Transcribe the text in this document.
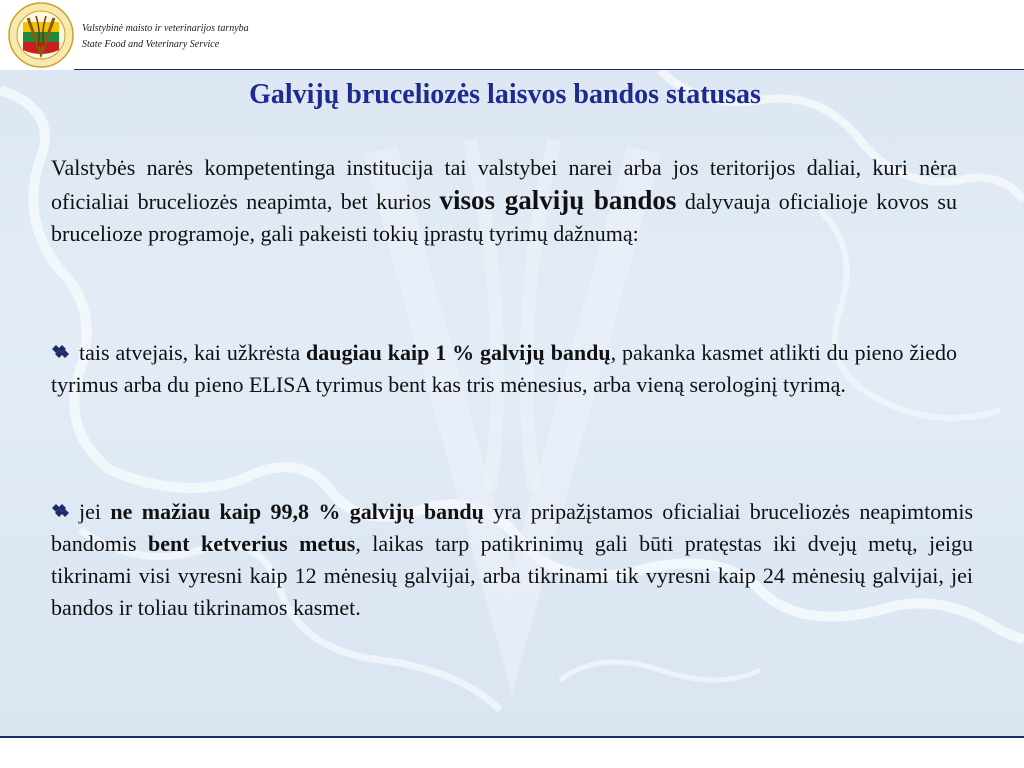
Valstybinė maisto ir veterinarijos tarnyba
State Food and Veterinary Service
Galvijų bruceliozės laisvos bandos statusas
Valstybės narės kompetentinga institucija tai valstybei narei arba jos teritorijos daliai, kuri nėra oficialiai bruceliozės neapimta, bet kurios visos galvijų bandos dalyvauja oficialioje kovos su bruceliozе programoje, gali pakeisti tokių įprastų tyrimų dažnumą:
tais atvejais, kai užkrėsta daugiau kaip 1 % galvijų bandų, pakanka kasmet atlikti du pieno žiedo tyrimus arba du pieno ELISA tyrimus bent kas tris mėnesius, arba vieną serologinį tyrimą.
jei ne mažiau kaip 99,8 % galvijų bandų yra pripažįstamos oficialiai bruceliozės neapimtomis bandomis bent ketverius metus, laikas tarp patikrinimų gali būti pratęstas iki dvejų metų, jeigu tikrinami visi vyresni kaip 12 mėnesių galvijai, arba tikrinami tik vyresni kaip 24 mėnesių galvijai, jei bandos ir toliau tikrinamos kasmet.
